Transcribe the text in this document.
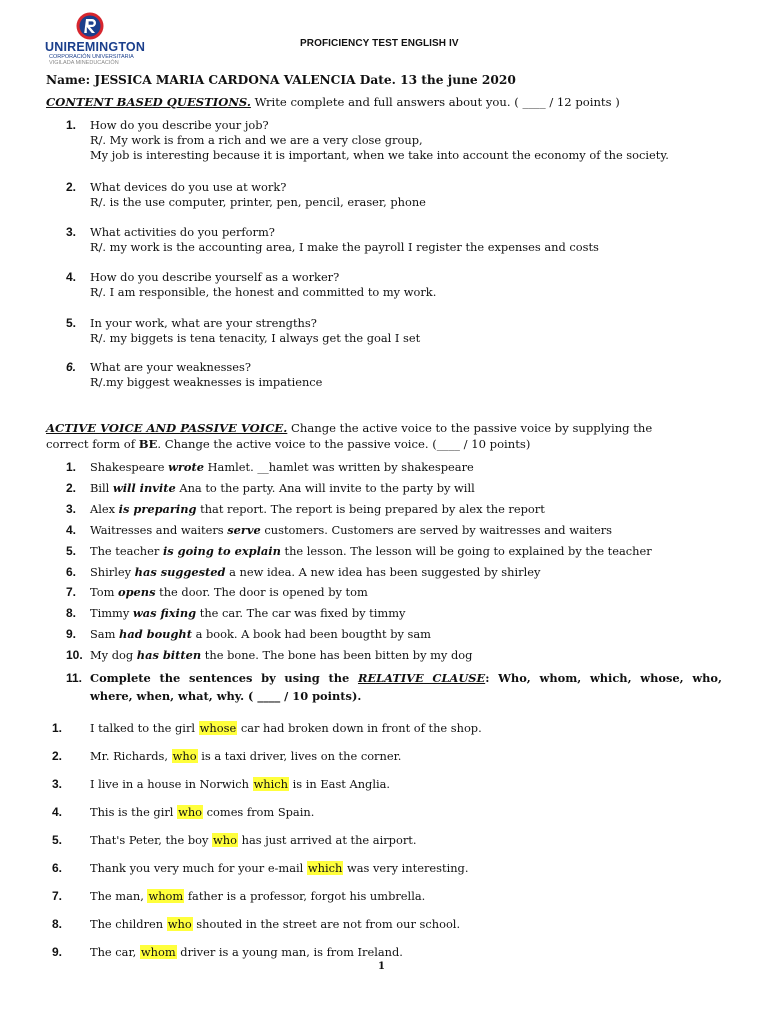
UNIREMINGTON
CORPORACIÓN UNIVERSITARIA
VIGILADA MINEDUCACIÓN
PROFICIENCY TEST ENGLISH IV
Name: JESSICA MARIA CARDONA VALENCIA Date. 13 the june 2020
CONTENT BASED QUESTIONS. Write complete and full answers about you. ( ____ / 12 points )
1. How do you describe your job?
R/. My work is from a rich and we are a very close group,
My job is interesting because it is important, when we take into account the economy of the society.
2. What devices do you use at work?
R/. is the use computer, printer, pen, pencil, eraser, phone
3. What activities do you perform?
R/. my work is the accounting area, I make the payroll I register the expenses and costs
4. How do you describe yourself as a worker?
R/. I am responsible, the honest and committed to my work.
5. In your work, what are your strengths?
R/. my biggets is tena tenacity, I always get the goal I set
6. What are your weaknesses?
R/.my biggest weaknesses is impatience
ACTIVE VOICE AND PASSIVE VOICE. Change the active voice to the passive voice by supplying the
correct form of BE. Change the active voice to the passive voice. (____ / 10 points)
1. Shakespeare wrote Hamlet. __hamlet was written by shakespeare
2. Bill will invite Ana to the party. Ana will invite to the party by will
3. Alex is preparing that report. The report is being prepared by alex the report
4. Waitresses and waiters serve customers. Customers are served by waitresses and waiters
5. The teacher is going to explain the lesson. The lesson will be going to explained by the teacher
6. Shirley has suggested a new idea. A new idea has been suggested by shirley
7. Tom opens the door. The door is opened by tom
8. Timmy was fixing the car. The car was fixed by timmy
9. Sam had bought a book. A book had been bougtht by sam
10. My dog has bitten the bone. The bone has been bitten by my dog
11. Complete the sentences by using the RELATIVE CLAUSE: Who, whom, which, whose, who,
where, when, what, why. ( ____ / 10 points).
1. I talked to the girl whose car had broken down in front of the shop.
2. Mr. Richards, who is a taxi driver, lives on the corner.
3. I live in a house in Norwich which is in East Anglia.
4. This is the girl who comes from Spain.
5. That's Peter, the boy who has just arrived at the airport.
6. Thank you very much for your e-mail which was very interesting.
7. The man, whom father is a professor, forgot his umbrella.
8. The children who shouted in the street are not from our school.
9. The car, whom driver is a young man, is from Ireland.
1
